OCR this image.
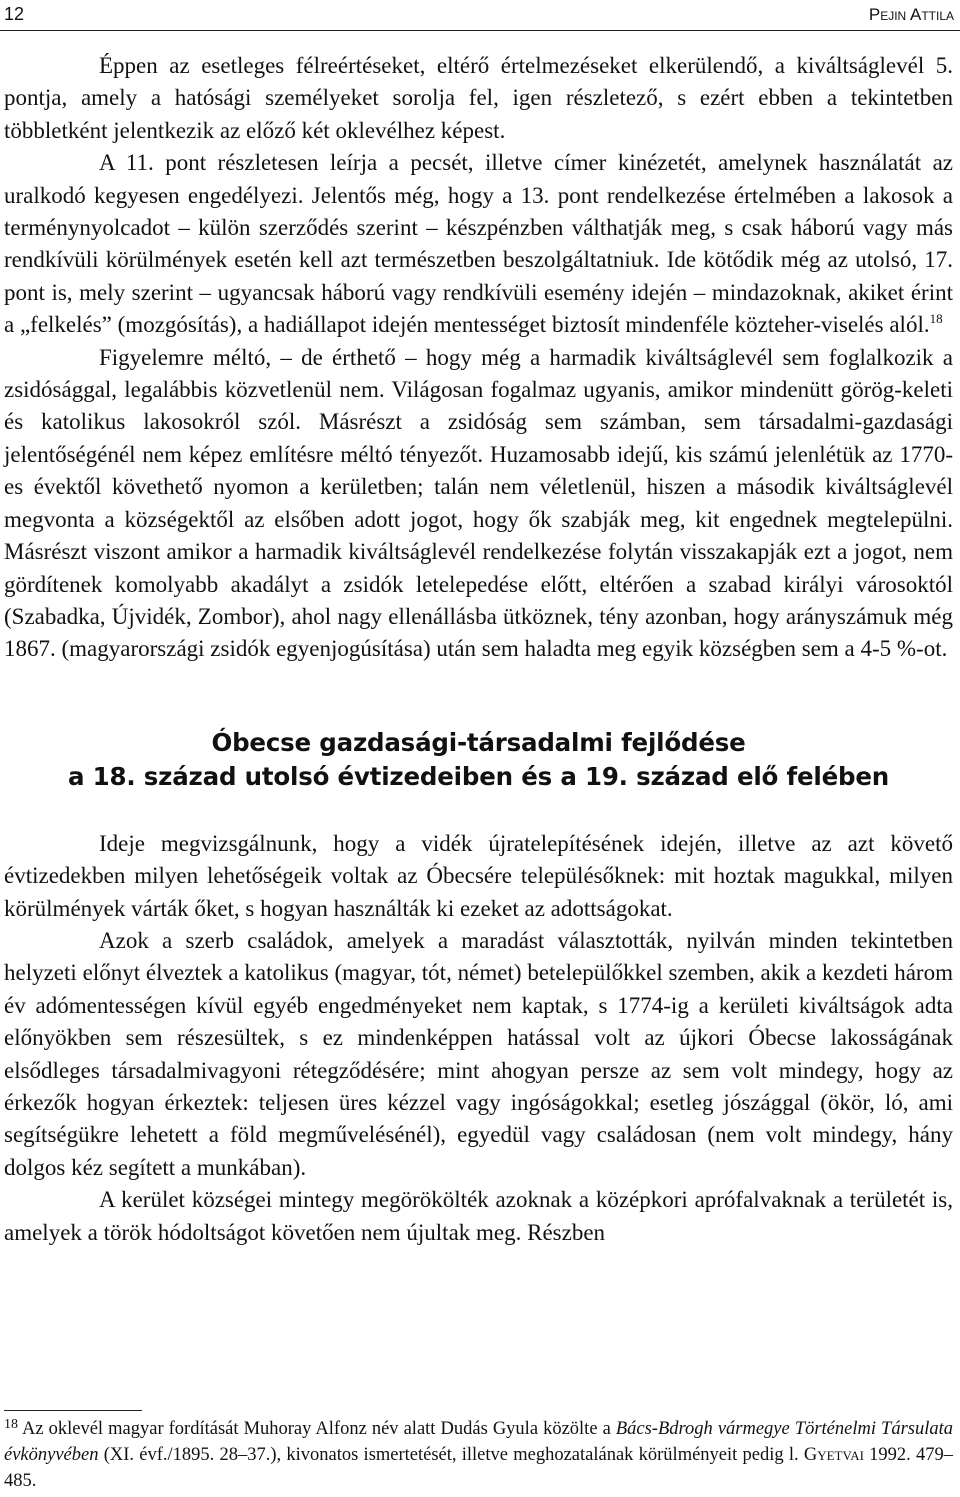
12	Pejin Attila

Éppen az esetleges félreértéseket, eltérő értelmezéseket elkerülendő, a kiváltságlevél 5. pontja, amely a hatósági személyeket sorolja fel, igen részletező, s ezért ebben a tekintetben többletként jelentkezik az előző két oklevélhez képest.

A 11. pont részletesen leírja a pecsét, illetve címer kinézetét, amelynek használatát az uralkodó kegyesen engedélyezi. Jelentős még, hogy a 13. pont rendelkezése értelmében a lakosok a terménynyolcadot – külön szerződés szerint – készpénzben válthatják meg, s csak háború vagy más rendkívüli körülmények esetén kell azt természetben beszolgáltatniuk. Ide kötődik még az utolsó, 17. pont is, mely szerint – ugyancsak háború vagy rendkívüli esemény idején – mindazoknak, akiket érint a „felkelés” (mozgósítás), a hadiállapot idején mentességet biztosít mindenféle közteher-viselés alól.$^{18}$

Figyelemre méltó, – de érthető – hogy még a harmadik kiváltságlevél sem foglalkozik a zsidósággal, legalábbis közvetlenül nem. Világosan fogalmaz ugyanis, amikor mindenütt görög-keleti és katolikus lakosokról szól. Másrészt a zsidóság sem számban, sem társadalmi-gazdasági jelentőségénél nem képez említésre méltó tényezőt. Huzamosabb idejű, kis számú jelenlétük az 1770-es évektől követhető nyomon a kerületben; talán nem véletlenül, hiszen a második kiváltságlevél megvonta a községektől az elsőben adott jogot, hogy ők szabják meg, kit engednek megtelepülni. Másrészt viszont amikor a harmadik kiváltságlevél rendelkezése folytán visszakapják ezt a jogot, nem gördítenek komolyabb akadályt a zsidók letelepedése előtt, eltérően a szabad királyi városoktól (Szabadka, Újvidék, Zombor), ahol nagy ellenállásba ütköznek, tény azonban, hogy arányszámuk még 1867. (magyarországi zsidók egyenjogúsítása) után sem haladta meg egyik községben sem a 4-5 %-ot.

Óbecse gazdasági-társadalmi fejlődése
a 18. század utolsó évtizedeiben és a 19. század elő felében

Ideje megvizsgálnunk, hogy a vidék újratelepítésének idején, illetve az azt követő évtizedekben milyen lehetőségeik voltak az Óbecsére településőknek: mit hoztak magukkal, milyen körülmények várták őket, s hogyan használták ki ezeket az adottságokat.

Azok a szerb családok, amelyek a maradást választották, nyilván minden tekintetben helyzeti előnyt élveztek a katolikus (magyar, tót, német) betelepülőkkel szemben, akik a kezdeti három év adómentességen kívül egyéb engedményeket nem kaptak, s 1774-ig a kerületi kiváltságok adta előnyökben sem részesültek, s ez mindenképpen hatással volt az újkori Óbecse lakosságának elsődleges társadalmivagyoni rétegződésére; mint ahogyan persze az sem volt mindegy, hogy az érkezők hogyan érkeztek: teljesen üres kézzel vagy ingóságokkal; esetleg jószággal (ökör, ló, ami segítségükre lehetett a föld megművelésénél), egyedül vagy családosan (nem volt mindegy, hány dolgos kéz segített a munkában).

A kerület községei mintegy megörökölték azoknak a középkori aprófalvaknak a területét is, amelyek a török hódoltságot követően nem újultak meg. Részben

$^{18}$ Az oklevél magyar fordítását Muhoray Alfonz név alatt Dudás Gyula közölte a Bács-Bdrogh vármegye Történelmi Társulata évkönyvében (XI. évf./1895. 28–37.), kivonatos ismertetését, illetve meghozatalának körülményeit pedig l. Gyetvai 1992. 479–485.
